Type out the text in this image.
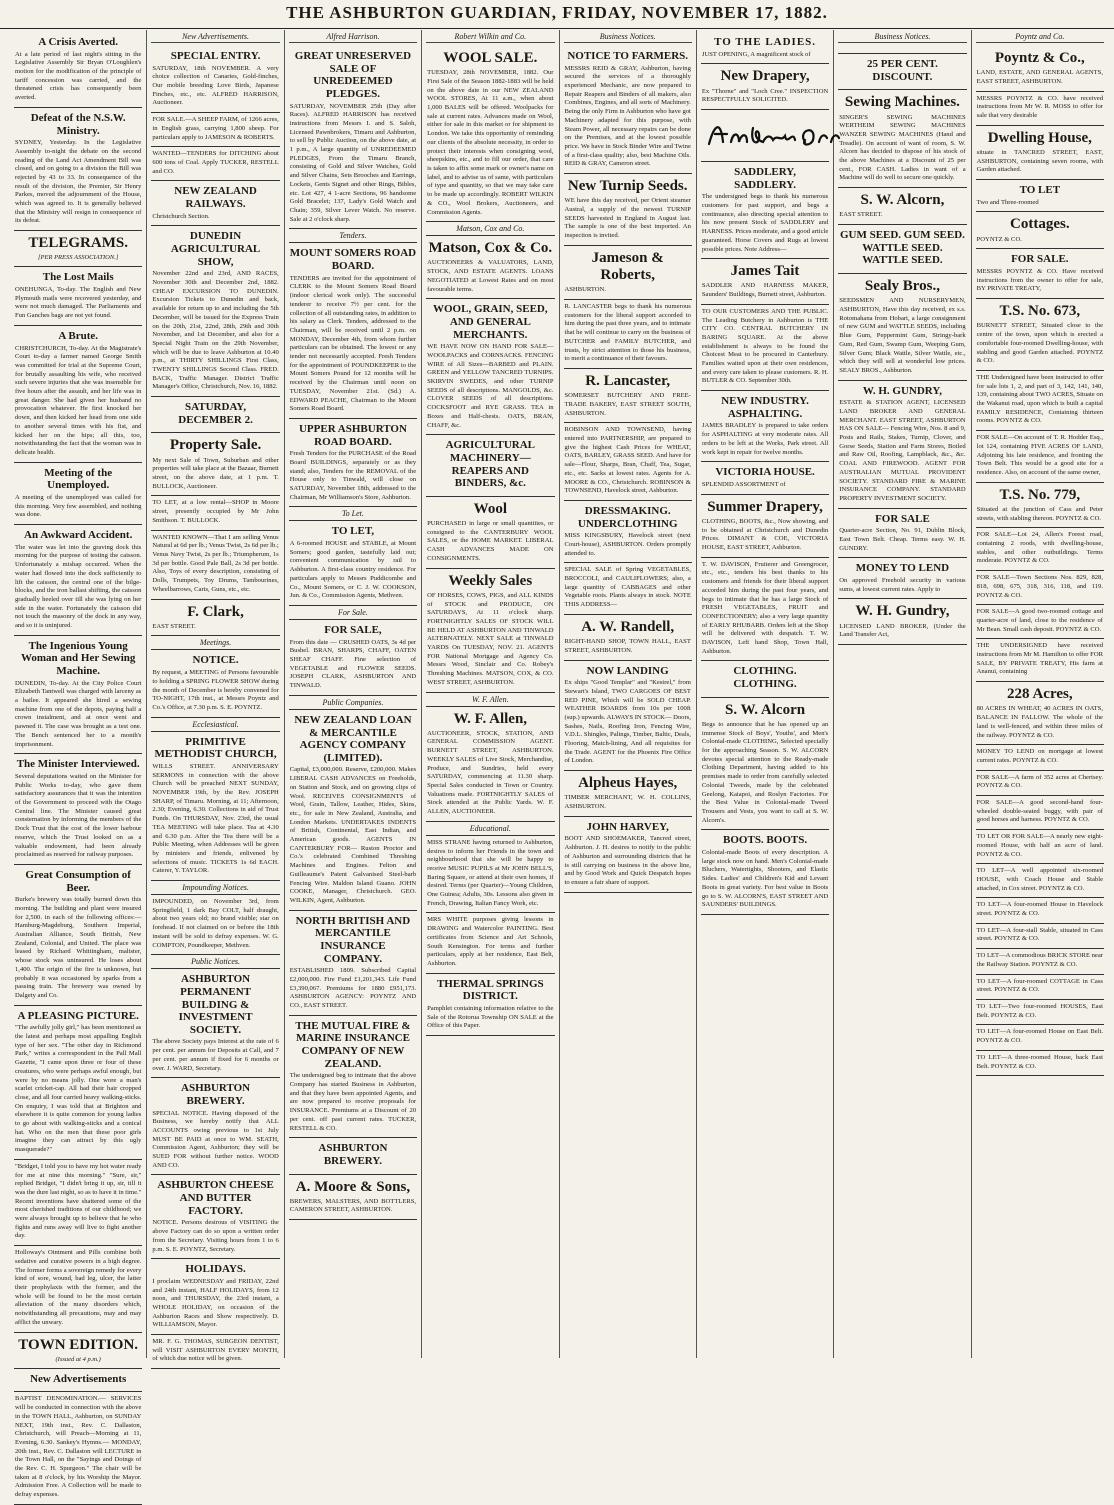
THE ASHBURTON GUARDIAN, FRIDAY, NOVEMBER 17, 1882.
A Crisis Averted.
At a late period of last night's sitting in the Legislative Assembly Sir Bryan O'Loughlen's motion for the modification of the principle of tariff concession was carried, and the threatened crisis has consequently been averted.
Defeat of the N.S.W. Ministry.
SYDNEY, Yesterday. In the Legislative Assembly to-night the debate on the second reading of the Land Act Amendment Bill was closed, and on going to a division the Bill was rejected by 43 to 33. In consequence of the result of the division, the Premier, Sir Henry Parkes, moved the adjournment of the House, which was agreed to. It is generally believed that the Ministry will resign in consequence of its defeat.
TELEGRAMS.
[PER PRESS ASSOCIATION.]
The Lost Mails
ONEHUNGA, To-day. The English and New Plymouth mails were recovered yesterday, and were not much damaged. The Parliaments and Fun Ganches bags are not yet found.
A Brute.
CHRISTCHURCH, To-day. At the Magistrate's Court to-day a farmer named George Smith was committed for trial at the Supreme Court, for brutally assaulting his wife, who received such severe injuries that she was insensible for five hours after the assault, and her life was in great danger. She had given her husband no provocation whatever. He first knocked her down, and then kicked her head from one side to another several times with his fist, and kicked her on the hips; all this, too, notwithstanding the fact that the woman was in delicate health.
Meeting of the Unemployed.
A meeting of the unemployed was called for this morning. Very few assembled, and nothing was done.
An Awkward Accident.
The water was let into the graving dock this morning for the purpose of testing the caisson. Unfortunately a mishap occurred. When the water had flowed into the dock sufficiently to lift the caisson, the central one of the bilge-blocks, and the iron ballast shifting, the caisson gradually heeled over till she was lying on her side in the water. Fortunately the caisson did not touch the masonry of the dock in any way, and so it is uninjured.
The Ingenious Young Woman and Her Sewing Machine.
DUNEDIN, To-day. At the City Police Court Elizabeth Tantwell was charged with larceny as a bailee. It appeared she hired a sewing machine from one of the depots, paying half a crown instalment, and at once went and pawned it. The case was brought as a test one. The Bench sentenced her to a month's imprisonment.
The Minister Interviewed.
Several deputations waited on the Minister for Public Works to-day, who gave them satisfactory assurances that it was the intention of the Government to proceed with the Otago Central line. The Minister caused great consternation by informing the members of the Dock Trust that the cost of the lower harbour reserve, which the Trust looked on as a valuable endowment, had been already proclaimed as reserved for railway purposes.
Great Consumption of Beer.
Burke's brewery was totally burned down this morning. The building and plant were insured for 2,500. in each of the following offices:—Hamburg-Magdeburg, Southern Imperial, Australian Alliance, South British, New Zealand, Colonial, and United. The place was leased by Richard Whittingham, maltster, whose stock was uninsured. He loses about 1,400. The origin of the fire is unknown, but probably it was occasioned by sparks from a passing train. The brewery was owned by Dalgety and Co.
A PLEASING PICTURE.
"The awfully jolly girl," has been mentioned as the latest and perhaps most appalling English type of her sex. "The other day in Richmond Park," writes a correspondent in the Pall Mall Gazette, "I came upon three or four of these creatures, who were perhaps awful enough, but were by no means jolly. One wore a man's scarlet cricket-cap. All had their hair cropped close, and all four carried heavy walking-sticks. On enquiry, I was told that at Brighton and elsewhere it is quite common for young ladies to go about with walking-sticks and a conical hat. Who on the men that these poor girls imagine they can attract by this ugly masquerade?"
"Bridget, I told you to have my hot water ready for me at nine this morning." "Sure, sir," replied Bridget, "I didn't bring it up, sir, till it was the dure last night, so as to have it in time." Recent inventions have shattered some of the most cherished traditions of our childhood; we were always brought up to believe that he who fights and runs away will live to fight another day.
Holloway's Ointment and Pills combine both sedative and curative powers in a high degree. The former forms a sovereign remedy for every kind of sore, wound, bad leg, ulcer, the latter their prophylaxis with the former, and the whole will be found to be the most certain alleviation of the many disorders which, notwithstanding all precautions, may and may afflict the unwary.
TOWN EDITION.
(Issued at 4 p.m.)
New Advertisements
BAPTIST DENOMINATION.— SERVICES will be conducted in connection with the above in the TOWN HALL, Ashburton, on SUNDAY NEXT, 19th inst., Rev. C. Dallaston, Christchurch, will Preach—Morning at 11, Evening, 6.30. Sankey's Hymns.— MONDAY, 20th inst., Rev. C. Dallaston will LECTURE in the Town Hall, on the "Sayings and Doings of the Rev. C. H. Spurgeon." The chair will be taken at 8 o'clock, by his Worship the Mayor. Admission Free. A Collection will be made to defray expenses.
New Advertisements.
SPECIAL ENTRY.
SATURDAY, 18th NOVEMBER. A very choice collection of Canaries, Gold-finches, Our mobile breeding Love Birds, Japanese Finches, etc., etc. ALFRED HARRISON, Auctioneer.
FOR SALE.—A SHEEP FARM, of 1266 acres, in English grass, carrying 1,800 sheep. For particulars apply to JAMESON & ROBERTS.
WANTED—TENDERS for DITCHING about 600 tons of Coal. Apply TUCKER, RESTELL and CO.
NEW ZEALAND RAILWAYS.
Christchurch Section.
DUNEDIN AGRICULTURAL SHOW,
November 22nd and 23rd, AND RACES, November 30th and December 2nd, 1882. CHEAP EXCURSION TO DUNEDIN. Excursion Tickets to Dunedin and back, available for return up to and including the 5th December, will be issued for the Express Train on the 20th, 21st, 22nd, 28th, 29th and 30th November, and 1st December, and also for a Special Night Train on the 29th November, which will be due to leave Ashburton at 10.40 p.m., at THIRTY SHILLINGS First Class, TWENTY SHILLINGS Second Class. FRED. BACK, Traffic Manager. District Traffic Manager's Office, Christchurch, Nov. 16, 1882.
SATURDAY, DECEMBER 2.
Property Sale.
My next Sale of Town, Suburban and other properties will take place at the Bazaar, Burnett street, on the above date, at 1 p.m. T. BULLOCK, Auctioneer.
TO LET, at a low rental—SHOP in Moore street, presently occupied by Mr John Smithson. T. BULLOCK.
WANTED KNOWN—That I am selling Venus Natural at 6d per lb.; Venus Twist, 2s 6d per lb.; Venus Navy Twist, 2s per lb.; Triumpherum, 1s 3d per bottle. Good Pale Ball, 2s 3d per bottle. Also, Toys of every description, consisting of Dolls, Trumpets, Toy Drums, Tambourines, Wheelbarrows, Carts, Guns, etc., etc.
F. Clark,
EAST STREET.
Meetings.
NOTICE.
By request, a MEETING of Persons favourable to holding a SPRING FLOWER SHOW during the month of December is hereby convened for TO-NIGHT, 17th inst., at Messrs Poyntz and Co.'s Office, at 7.30 p.m. S. E. POYNTZ.
Ecclesiastical.
PRIMITIVE METHODIST CHURCH,
WILLS STREET. ANNIVERSARY SERMONS in connection with the above Church will be preached NEXT SUNDAY, NOVEMBER 19th, by the Rev. JOSEPH SHARP, of Timaru. Morning, at 11; Afternoon, 2.30; Evening, 6.30. Collections in aid of Trust Funds. On THURSDAY, Nov. 23rd, the usual TEA MEETING will take place. Tea at 4.30 and 6.30 p.m. After the Tea there will be a Public Meeting, when Addresses will be given by ministers and friends, enlivened by selections of music. TICKETS 1s 6d EACH. Caterer, Y. TAYLOR.
Impounding Notices.
IMPOUNDED, on November 3rd, from Springfield, 1 dark Bay COLT, half draught, about two years old; no brand visible; star on forehead. If not claimed on or before the 18th instant will be sold to defray expenses. W. G. COMPTON, Poundkeeper, Methven.
Public Notices.
ASHBURTON PERMANENT BUILDING & INVESTMENT SOCIETY.
The above Society pays Interest at the rate of 6 per cent. per annum for Deposits at Call, and 7 per cent. per annum if fixed for 6 months or over. J. WARD, Secretary.
ASHBURTON BREWERY.
SPECIAL NOTICE. Having disposed of the Business, we hereby notify that ALL ACCOUNTS owing previous to 1st July MUST BE PAID at once to WM. SEATH, Commission Agent, Ashburton; they will be SUED FOR without further notice. WOOD AND CO.
ASHBURTON CHEESE AND BUTTER FACTORY.
NOTICE. Persons desirous of VISITING the above Factory can do so upon a written order from the Secretary. Visiting hours from 1 to 6 p.m. S. E. POYNTZ, Secretary.
HOLIDAYS.
I proclaim WEDNESDAY and FRIDAY, 22nd and 24th instant, HALF HOLIDAYS, from 12 noon, and THURSDAY, the 23rd instant, a WHOLE HOLIDAY, on occasion of the Ashburton Races and Show respectively. D. WILLIAMSON, Mayor.
MR. F. G. THOMAS, SURGEON DENTIST, will VISIT ASHBURTON EVERY MONTH, of which due notice will be given.
Alfred Harrison.
GREAT UNRESERVED SALE OF UNREDEEMED PLEDGES.
SATURDAY, NOVEMBER 25th (Day after Races). ALFRED HARRISON has received instructions from Messrs I. and S. Saloh, Licensed Pawnbrokers, Timaru and Ashburton, to sell by Public Auction, on the above date, at 1 p.m., A large quantity of UNREDEEMED PLEDGES, From the Timaru Branch, consisting of Gold and Silver Watches, Gold and Silver Chains, Sets Brooches and Earrings, Lockets, Gents Signet and other Rings, Bibles, etc. Lot 427, 4 1-acre Sections, 96 handsome Gold Bracelet; 137, Lady's Gold Watch and Chain; 359, Silver Lever Watch. No reserve. Sale at 2 o'clock sharp.
Tenders.
MOUNT SOMERS ROAD BOARD.
TENDERS are invited for the appointment of CLERK to the Mount Somers Road Board (indoor clerical work only). The successful tenderer to receive 7½ per cent. for the collection of all outstanding rates, in addition to his salary as Clerk. Tenders, addressed to the Chairman, will be received until 2 p.m. on MONDAY, December 4th, from whom further particulars can be obtained. The lowest or any tender not necessarily accepted. Fresh Tenders for the appointment of POUNDKEEPER to the Mount Somers Pound for 12 months will be received by the Chairman until noon on TUESDAY, November 21st. (Sd.) A. EDWARD PEACHE, Chairman to the Mount Somers Road Board.
UPPER ASHBURTON ROAD BOARD.
Fresh Tenders for the PURCHASE of the Road Board BUILDINGS, separately or as they stand; also, Tenders for the REMOVAL of the House only to Tinwald, will close on SATURDAY, November 18th, addressed to the Chairman, Mr Williamson's Store, Ashburton.
To Let.
TO LET,
A 6-roomed HOUSE and STABLE, at Mount Somers; good garden, tastefully laid out; convenient communication by rail to Ashburton. A first-class country residence. For particulars apply to Messrs Puddicombe and Co., Mount Somers, or C. J. W. COOKSON, Jun. & Co., Commission Agents, Methven.
For Sale.
FOR SALE,
From this date — CRUSHED OATS, 3s 4d per Bushel. BRAN, SHARPS, CHAFF, OATEN SHEAF CHAFF. Fine selection of VEGETABLE and FLOWER SEEDS. JOSEPH CLARK, ASHBURTON AND TINWALD.
Public Companies.
NEW ZEALAND LOAN & MERCANTILE AGENCY COMPANY (LIMITED).
Capital, £3,000,000. Reserve, £200,000. Makes LIBERAL CASH ADVANCES on Freeholds, on Station and Stock, and on growing clips of Wool. RECEIVES CONSIGNMENTS of Wool, Grain, Tallow, Leather, Hides, Skins, etc., for sale in New Zealand, Australia, and London Markets. UNDERTAKES INDENTS of British, Continental, East Indian, and American goods. AGENTS IN CANTERBURY FOR— Ruston Proctor and Co.'s celebrated Combined Threshing Machines and Engines. Felton and Guilleaume's Patent Galvanised Steel-barb Fencing Wire. Maldon Island Guano. JOHN COOKE, Manager, Christchurch. GEO. WILKIN, Agent, Ashburton.
NORTH BRITISH AND MERCANTILE INSURANCE COMPANY.
ESTABLISHED 1809. Subscribed Capital £2,000,000. Fire Fund £1,201,343. Life Fund £3,390,067. Premiums for 1880 £951,173. ASHBURTON AGENCY: POYNTZ AND CO., EAST STREET.
THE MUTUAL FIRE & MARINE INSURANCE COMPANY OF NEW ZEALAND.
The undersigned beg to intimate that the above Company has started Business in Ashburton, and that they have been appointed Agents, and are now prepared to receive proposals for INSURANCE. Premiums at a Discount of 20 per cent. off past current rates. TUCKER, RESTELL & CO.
ASHBURTON BREWERY.
A. Moore & Sons,
BREWERS, MALSTERS, AND BOTTLERS, CAMERON STREET, ASHBURTON.
Robert Wilkin and Co.
WOOL SALE.
TUESDAY, 28th NOVEMBER, 1882. Our First Sale of the Season 1882-1883 will be held on the above date in our NEW ZEALAND WOOL STORES, At 11 a.m., when about 1,000 BALES will be offered. Woolpacks for sale at current rates. Advances made on Wool, either for sale in this market or for shipment to London. We take this opportunity of reminding our clients of the absolute necessity, in order to protect their interests when consigning wool, sheepskins, etc., and to fill our order, that care is taken to affix some mark or owner's name on label, and to advise us of same, with particulars of type and quantity, so that we may take care to be made up accordingly. ROBERT WILKIN & CO., Wool Brokers, Auctioneers, and Commission Agents.
Matson, Cox and Co.
Matson, Cox & Co.
AUCTIONEERS & VALUATORS, LAND, STOCK, AND ESTATE AGENTS. LOANS NEGOTIATED at Lowest Rates and on most favourable terms.
WOOL, GRAIN, SEED, AND GENERAL MERCHANTS.
WE HAVE NOW ON HAND FOR SALE— WOOLPACKS and CORNSACKS. FENCING WIRE of All Sizes—BARBED and PLAIN. GREEN and YELLOW TANCRED TURNIPS. SKIRVIN SWEDES, and other TURNIP SEEDS of all descriptions. MANGOLDS, &c. CLOVER SEEDS of all descriptions. COCKSFOOT and RYE GRASS. TEA in Boxes and Half-chests. OATS, BRAN, CHAFF, &c.
AGRICULTURAL MACHINERY—REAPERS AND BINDERS, &c.
Wool
PURCHASED in large or small quantities, or consigned to the CANTERBURY WOOL SALES, or the HOME MARKET. LIBERAL CASH ADVANCES MADE ON CONSIGNMENTS.
Weekly Sales
OF HORSES, COWS, PIGS, and ALL KINDS of STOCK and PRODUCE, ON SATURDAYS, At 11 o'clock sharp. FORTNIGHTLY SALES OF STOCK WILL BE HELD AT ASHBURTON AND TINWALD ALTERNATELY. NEXT SALE at TINWALD YARDS On TUESDAY, NOV. 21. AGENTS FOR National Mortgage and Agency Co. Messrs Wood, Sinclair and Co. Robey's Threshing Machines. MATSON, COX, & CO. WEST STREET, ASHBURTON.
W. F. Allen.
W. F. Allen,
AUCTIONEER, STOCK, STATION, AND GENERAL COMMISSION AGENT. BURNETT STREET, ASHBURTON. WEEKLY SALES of Live Stock, Merchandise, Produce, and Sundries, held every SATURDAY, commencing at 11.30 sharp. Special Sales conducted in Town or Country. Valuations made. FORTNIGHTLY SALES of Stock attended at the Public Yards. W. F. ALLEN, AUCTIONEER.
Educational.
MISS STRANE having returned to Ashburton, desires to inform her Friends in the town and neighbourhood that she will be happy to receive MUSIC PUPILS at Mr JOHN BELL'S, Baring Square, or attend at their own homes, if desired. Terms (per Quarter)—Young Children, One Guinea; Adults, 30s. Lessons also given in French, Drawing, Italian Fancy Work, etc.
MRS WHITE purposes giving lessons in DRAWING and Watercolor PAINTING. Best certificates from Science and Art Schools, South Kensington. For terms and further particulars, apply at her residence, East Belt, Ashburton.
THERMAL SPRINGS DISTRICT.
Pamphlet containing information relative to the Sale of the Rotorua Township ON SALE at the Office of this Paper.
Business Notices.
NOTICE TO FARMERS.
MESSRS REID & GRAY, Ashburton, having secured the services of a thoroughly experienced Mechanic, are now prepared to Repair Reapers and Binders of all makers, also Combines, Engines, and all sorts of Machinery. Being the only Firm in Ashburton who have got Machinery adapted for this purpose, with Steam Power, all necessary repairs can be done on the Premises, and at the lowest possible price. We have in Stock Binder Wire and Twine of a first-class quality; also, best Machine Oils. REID & GRAY, Cameron street.
New Turnip Seeds.
WE have this day received, per Orient steamer Austral, a supply of the newest TURNIP SEEDS harvested in England in August last. The sample is one of the best imported. An inspection is invited.
Jameson & Roberts,
ASHBURTON.
R. LANCASTER begs to thank his numerous customers for the liberal support accorded to him during the past three years, and to intimate that he will continue to carry on the business of BUTCHER and FAMILY BUTCHER, and trusts, by strict attention to those his business, to merit a continuance of their favours.
R. Lancaster,
SOMERSET BUTCHERY AND FREE-TRADE BAKERY, EAST STREET SOUTH, ASHBURTON.
ROBINSON AND TOWNSEND, having entered into PARTNERSHIP, are prepared to give the highest Cash Prices for WHEAT, OATS, BARLEY, GRASS SEED. And have for sale—Flour, Sharps, Bran, Chaff, Tea, Sugar, etc., etc. Sacks at lowest rates. Agents for A. MOORE & CO., Christchurch. ROBINSON & TOWNSEND, Havelock street, Ashburton.
DRESSMAKING. UNDERCLOTHING
MISS KINGSBURY, Havelock street (next Court-house), ASHBURTON. Orders promptly attended to.
SPECIAL SALE of Spring VEGETABLES, BROCCOLI, and CAULIFLOWERS; also, a large quantity of CABBAGES and other Vegetable roots. Plants always in stock. NOTE THIS ADDRESS—
A. W. Randell,
RIGHT-HAND SHOP, TOWN HALL, EAST STREET, ASHBURTON.
NOW LANDING
Ex ships "Good Templar" and "Kestrel," from Stewart's Island, TWO CARGOES OF BEST RED PINE, Which will be SOLD CHEAP. WEATHER BOARDS from 10s per 100ft (sup.) upwards. ALWAYS IN STOCK— Doors, Sashes, Nails, Roofing Iron, Fencing Wire, V.D.L. Shingles, Palings, Timber, Baltic, Deals, Flooring, Match-lining, And all requisites for the Trade. AGENT for the Phoenix Fire Office of London.
Alpheus Hayes,
TIMBER MERCHANT, W. H. COLLINS, ASHBURTON.
JOHN HARVEY,
BOOT AND SHOEMAKER, Tancred street, Ashburton. J. H. desires to notify to the public of Ashburton and surrounding districts that he is still carrying on business in the above line, and by Good Work and Quick Despatch hopes to ensure a fair share of support.
TO THE LADIES.
JUST OPENING, A magnificent stock of
New Drapery,
Ex "Thorne" and "Loch Cree." INSPECTION RESPECTFULLY SOLICITED.
SADDLERY, SADDLERY.
The undersigned begs to thank his numerous customers for past support, and begs a continuance, also directing special attention to his now present Stock of SADDLERY and HARNESS. Prices moderate, and a good article guaranteed. Horse Covers and Rugs at lowest possible prices. Note Address—
James Tait
SADDLER AND HARNESS MAKER, Saunders' Buildings, Burnett street, Ashburton.
TO OUR CUSTOMERS AND THE PUBLIC. The Leading Butchery in Ashburton is THE CITY CO. CENTRAL BUTCHERY IN BARING SQUARE. At the above establishment is always to be found the Choicest Meat to be procured in Canterbury. Families waited upon at their own residences, and every care taken to please customers. R. H. BUTLER & CO. September 30th.
NEW INDUSTRY. ASPHALTING.
JAMES BRADLEY is prepared to take orders for ASPHALTING at very moderate rates. All orders to be left at the Works, Park street. All work kept in repair for twelve months.
VICTORIA HOUSE.
SPLENDID ASSORTMENT of
Summer Drapery,
CLOTHING, BOOTS, &c., Now showing, and to be obtained at Christchurch and Dunedin Prices. DIMANT & COE, VICTORIA HOUSE, EAST STREET, Ashburton.
T. W. DAVISON, Fruiterer and Greengrocer, etc., etc., tenders his best thanks to his customers and friends for their liberal support accorded him during the past four years, and begs to intimate that he has a large Stock of FRESH VEGETABLES, FRUIT and CONFECTIONERY; also a very large quantity of EARLY RHUBARB. Orders left at the Shop will be delivered with despatch. T. W. DAVISON, Left hand Shop, Town Hall, Ashburton.
CLOTHING. CLOTHING.
S. W. Alcorn
Begs to announce that he has opened up an immense Stock of Boys', Youths', and Men's Colonial-made CLOTHING, Selected specially for the approaching Season. S. W. ALCORN devotes special attention to the Ready-made Clothing Department, having added to his premises made to order from carefully selected Colonial Tweeds, made by the celebrated Geelong, Kaiapoi, and Roslyn Factories. For the Best Value in Colonial-made Tweed Trousers and Vests, you want to call at S. W. Alcorn's.
BOOTS. BOOTS.
Colonial-made Boots of every description. A large stock now on hand. Men's Colonial-made Bluchers, Watertights, Shooters, and Elastic Sides. Ladies' and Children's Kid and Levant Boots in great variety. For best value in Boots go to S. W. ALCORN'S, EAST STREET AND SAUNDERS' BUILDINGS.
Business Notices.
25 PER CENT. DISCOUNT.
Sewing Machines.
SINGER'S SEWING MACHINES WERTHEIM SEWING MACHINES WANZER SEWING MACHINES (Hand and Treadle). On account of want of room, S. W. Alcorn has decided to dispose of his stock of the above Machines at a Discount of 25 per cent., FOR CASH. Ladies in want of a Machine will do well to secure one quickly.
S. W. Alcorn,
EAST STREET.
GUM SEED. GUM SEED. WATTLE SEED. WATTLE SEED.
Sealy Bros.,
SEEDSMEN AND NURSERYMEN, ASHBURTON, Have this day received, ex s.s. Rotomahana from Hobart, a large consignment of new GUM and WATTLE SEEDS, including Blue Gum, Peppermint Gum, Stringy-bark Gum, Red Gum, Swamp Gum, Weeping Gum, Silver Gum; Black Wattle, Silver Wattle, etc., which they will sell at wonderful low prices. SEALY BROS., Ashburton.
W. H. GUNDRY,
ESTATE & STATION AGENT, LICENSED LAND BROKER AND GENERAL MERCHANT. EAST STREET, ASHBURTON HAS ON SALE— Fencing Wire, Nos. 8 and 9, Posts and Rails, Stakes, Turnip, Clover, and Gorse Seeds, Station and Farm Stores, Boiled and Raw Oil, Roofing, Lampblack, &c., &c. COAL AND FIREWOOD. AGENT FOR AUSTRALIAN MUTUAL PROVIDENT SOCIETY. STANDARD FIRE & MARINE INSURANCE COMPANY. STANDARD PROPERTY INVESTMENT SOCIETY.
FOR SALE
Quarter-acre Section, No. 91, Dublin Block, East Town Belt. Cheap. Terms easy. W. H. GUNDRY.
MONEY TO LEND
On approved Freehold security in various sums, at lowest current rates. Apply to
W. H. Gundry,
LICENSED LAND BROKER, (Under the Land Transfer Act,
Poyntz and Co.
Poyntz & Co.,
LAND, ESTATE, AND GENERAL AGENTS, EAST STREET, ASHBURTON.
MESSRS POYNTZ & CO. have received instructions from Mr W. R. MOSS to offer for sale that very desirable
Dwelling House,
situate in TANCRED STREET, EAST, ASHBURTON, containing seven rooms, with Garden attached.
TO LET
Two and Three-roomed
Cottages.
POYNTZ & CO.
FOR SALE.
MESSRS POYNTZ & CO. Have received instructions from the owner to offer for sale, BY PRIVATE TREATY,
T.S. No. 673,
BURNETT STREET, Situated close to the centre of the town, upon which is erected a comfortable four-roomed Dwelling-house, with stabling and good Garden attached. POYNTZ & CO.
THE Undersigned have been instructed to offer for sale lots 1, 2, and part of 3, 142, 141, 140, 139, containing about TWO ACRES, Situate on the Wakanui road, upon which is built a capital FAMILY RESIDENCE, Containing thirteen rooms. POYNTZ & CO.
FOR SALE—On account of T. R. Hodder Esq., lot 124, containing FIVE ACRES OF LAND, Adjoining his late residence, and fronting the Town Belt. This would be a good site for a residence. Also, on account of the same owner,
T.S. No. 779,
Situated at the junction of Cass and Peter streets, with stabling thereon. POYNTZ & CO.
FOR SALE—Lot 24, Allen's Forest road, containing 2 roods, with dwelling-house, stables, and other outbuildings. Terms moderate. POYNTZ & CO.
FOR SALE—Town Sections Nos. 829, 828, 818, 698, 675, 318, 316, 118, and 119. POYNTZ & CO.
FOR SALE—A good two-roomed cottage and quarter-acre of land, close to the residence of Mr Bean. Small cash deposit. POYNTZ & CO.
THE UNDERSIGNED have received instructions from Mr M. Hamilton to offer FOR SALE, BY PRIVATE TREATY, His farm at Ananui, containing
228 Acres,
80 ACRES IN WHEAT, 40 ACRES IN OATS, BALANCE IN FALLOW. The whole of the land is well-fenced, and within three miles of the railway. POYNTZ & CO.
MONEY TO LEND on mortgage at lowest current rates. POYNTZ & CO.
FOR SALE—A farm of 352 acres at Chertsey. POYNTZ & CO.
FOR SALE—A good second-hand four-wheeled double-seated buggy, with pair of good horses and harness. POYNTZ & CO.
TO LET OR FOR SALE—A nearly new eight-roomed House, with half an acre of land. POYNTZ & CO.
TO LET—A well appointed six-roomed HOUSE, with Coach House and Stable attached, in Cox street. POYNTZ & CO.
TO LET—A four-roomed House in Havelock street. POYNTZ & CO.
TO LET—A four-stall Stable, situated in Cass street. POYNTZ & CO.
TO LET—A commodious BRICK STORE near the Railway Station. POYNTZ & CO.
TO LET—A four-roomed COTTAGE in Cass street. POYNTZ & CO.
TO LET—Two four-roomed HOUSES, East Belt. POYNTZ & CO.
TO LET—A four-roomed House on East Belt. POYNTZ & CO.
TO LET—A three-roomed House, back East Belt. POYNTZ & CO.
